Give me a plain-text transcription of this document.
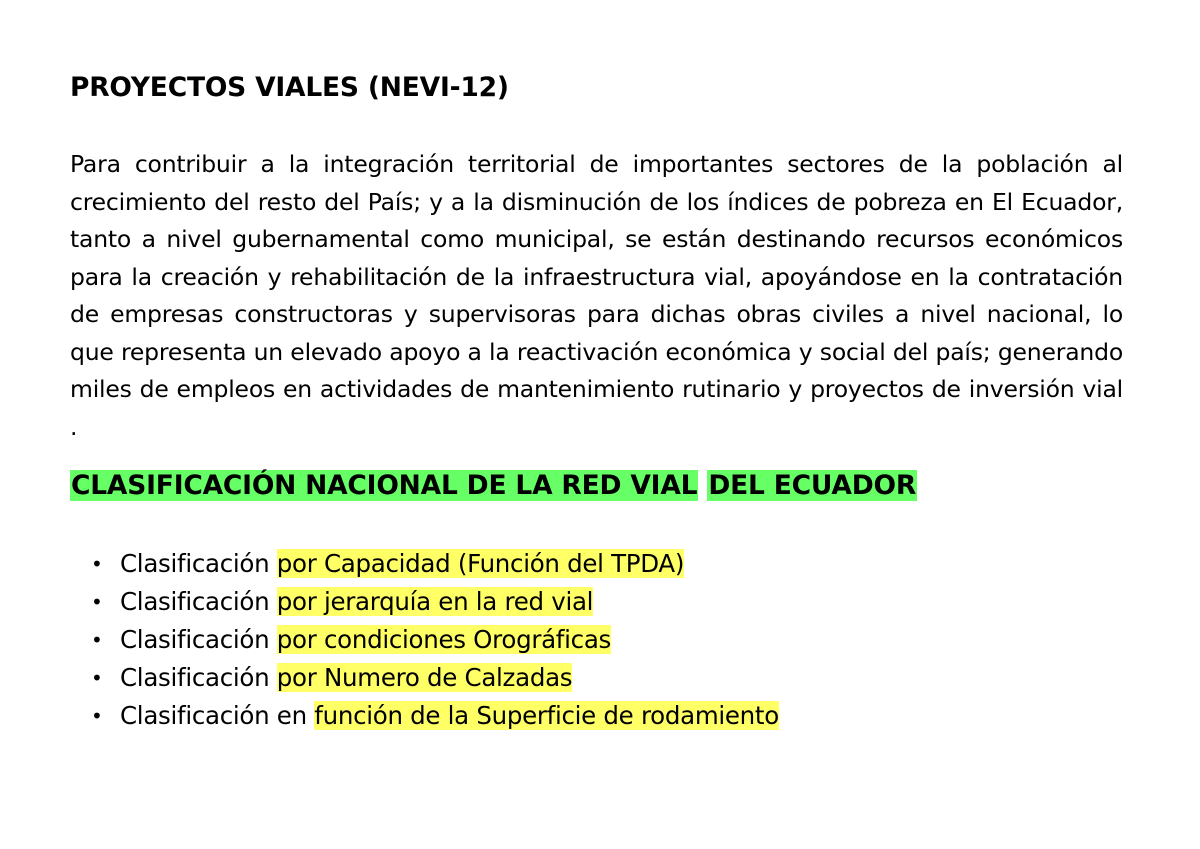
PROYECTOS VIALES (NEVI-12)

Para contribuir a la integración territorial de importantes sectores de la población al crecimiento del resto del País; y a la disminución de los índices de pobreza en El Ecuador, tanto a nivel gubernamental como municipal, se están destinando recursos económicos para la creación y rehabilitación de la infraestructura vial, apoyándose en la contratación de empresas constructoras y supervisoras para dichas obras civiles a nivel nacional, lo que representa un elevado apoyo a la reactivación económica y social del país; generando miles de empleos en actividades de mantenimiento rutinario y proyectos de inversión vial .

CLASIFICACIÓN NACIONAL DE LA RED VIAL DEL ECUADOR
• Clasificación por Capacidad (Función del TPDA)
• Clasificación por jerarquía en la red vial
• Clasificación por condiciones Orográficas
• Clasificación por Numero de Calzadas
• Clasificación en función de la Superficie de rodamiento
